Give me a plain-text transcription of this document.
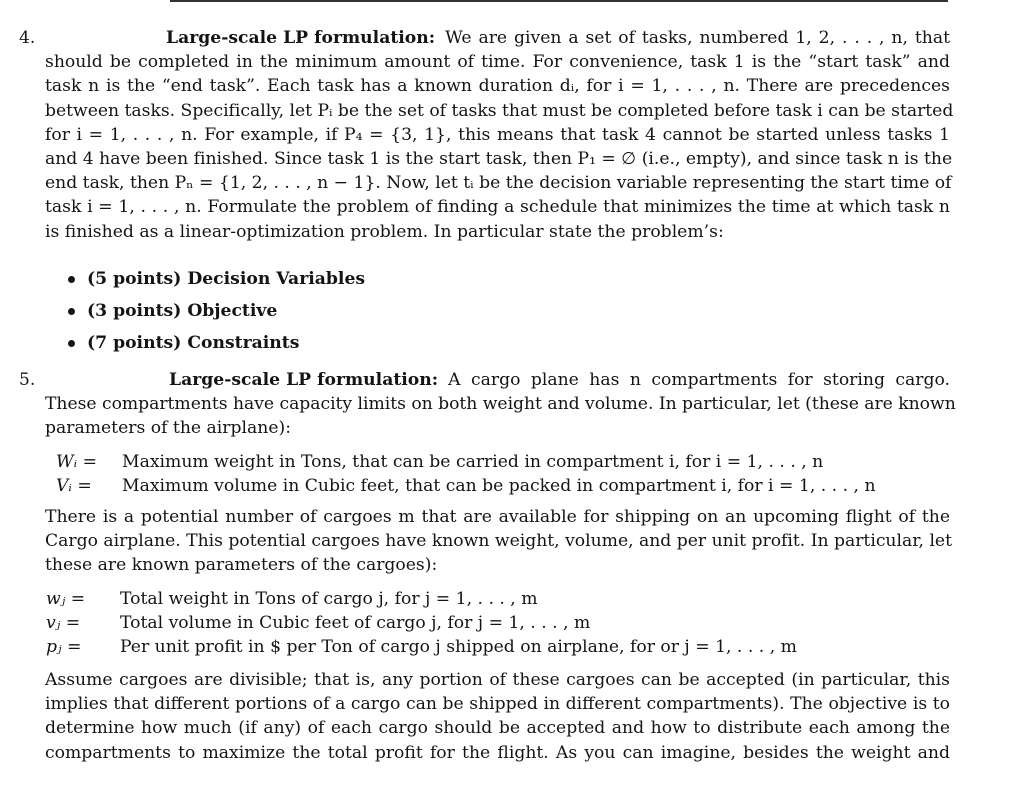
4.	Large-scale LP formulation: We are given a set of tasks, numbered 1, 2, . . . , n, that
should be completed in the minimum amount of time. For convenience, task 1 is the “start task” and
task n is the “end task”. Each task has a known duration dᵢ, for i = 1, . . . , n. There are precedences
between tasks. Specifically, let Pᵢ be the set of tasks that must be completed before task i can be started
for i = 1, . . . , n. For example, if P₄ = {3, 1}, this means that task 4 cannot be started unless tasks 1
and 4 have been finished. Since task 1 is the start task, then P₁ = ∅ (i.e., empty), and since task n is the
end task, then Pₙ = {1, 2, . . . , n − 1}. Now, let tᵢ be the decision variable representing the start time of
task i = 1, . . . , n. Formulate the problem of finding a schedule that minimizes the time at which task n
is finished as a linear-optimization problem. In particular state the problem’s:
(5 points) Decision Variables
(3 points) Objective
(7 points) Constraints
5.	Large-scale LP formulation: A cargo plane has n compartments for storing cargo.
These compartments have capacity limits on both weight and volume. In particular, let (these are known
parameters of the airplane):
Wᵢ =	Maximum weight in Tons, that can be carried in compartment i, for i = 1, . . . , n
Vᵢ =	Maximum volume in Cubic feet, that can be packed in compartment i, for i = 1, . . . , n
There is a potential number of cargoes m that are available for shipping on an upcoming flight of the
Cargo airplane. This potential cargoes have known weight, volume, and per unit profit. In particular, let
these are known parameters of the cargoes):
wⱼ =	Total weight in Tons of cargo j, for j = 1, . . . , m
vⱼ =	Total volume in Cubic feet of cargo j, for j = 1, . . . , m
pⱼ =	Per unit profit in $ per Ton of cargo j shipped on airplane, for or j = 1, . . . , m
Assume cargoes are divisible; that is, any portion of these cargoes can be accepted (in particular, this
implies that different portions of a cargo can be shipped in different compartments). The objective is to
determine how much (if any) of each cargo should be accepted and how to distribute each among the
compartments to maximize the total profit for the flight. As you can imagine, besides the weight and
